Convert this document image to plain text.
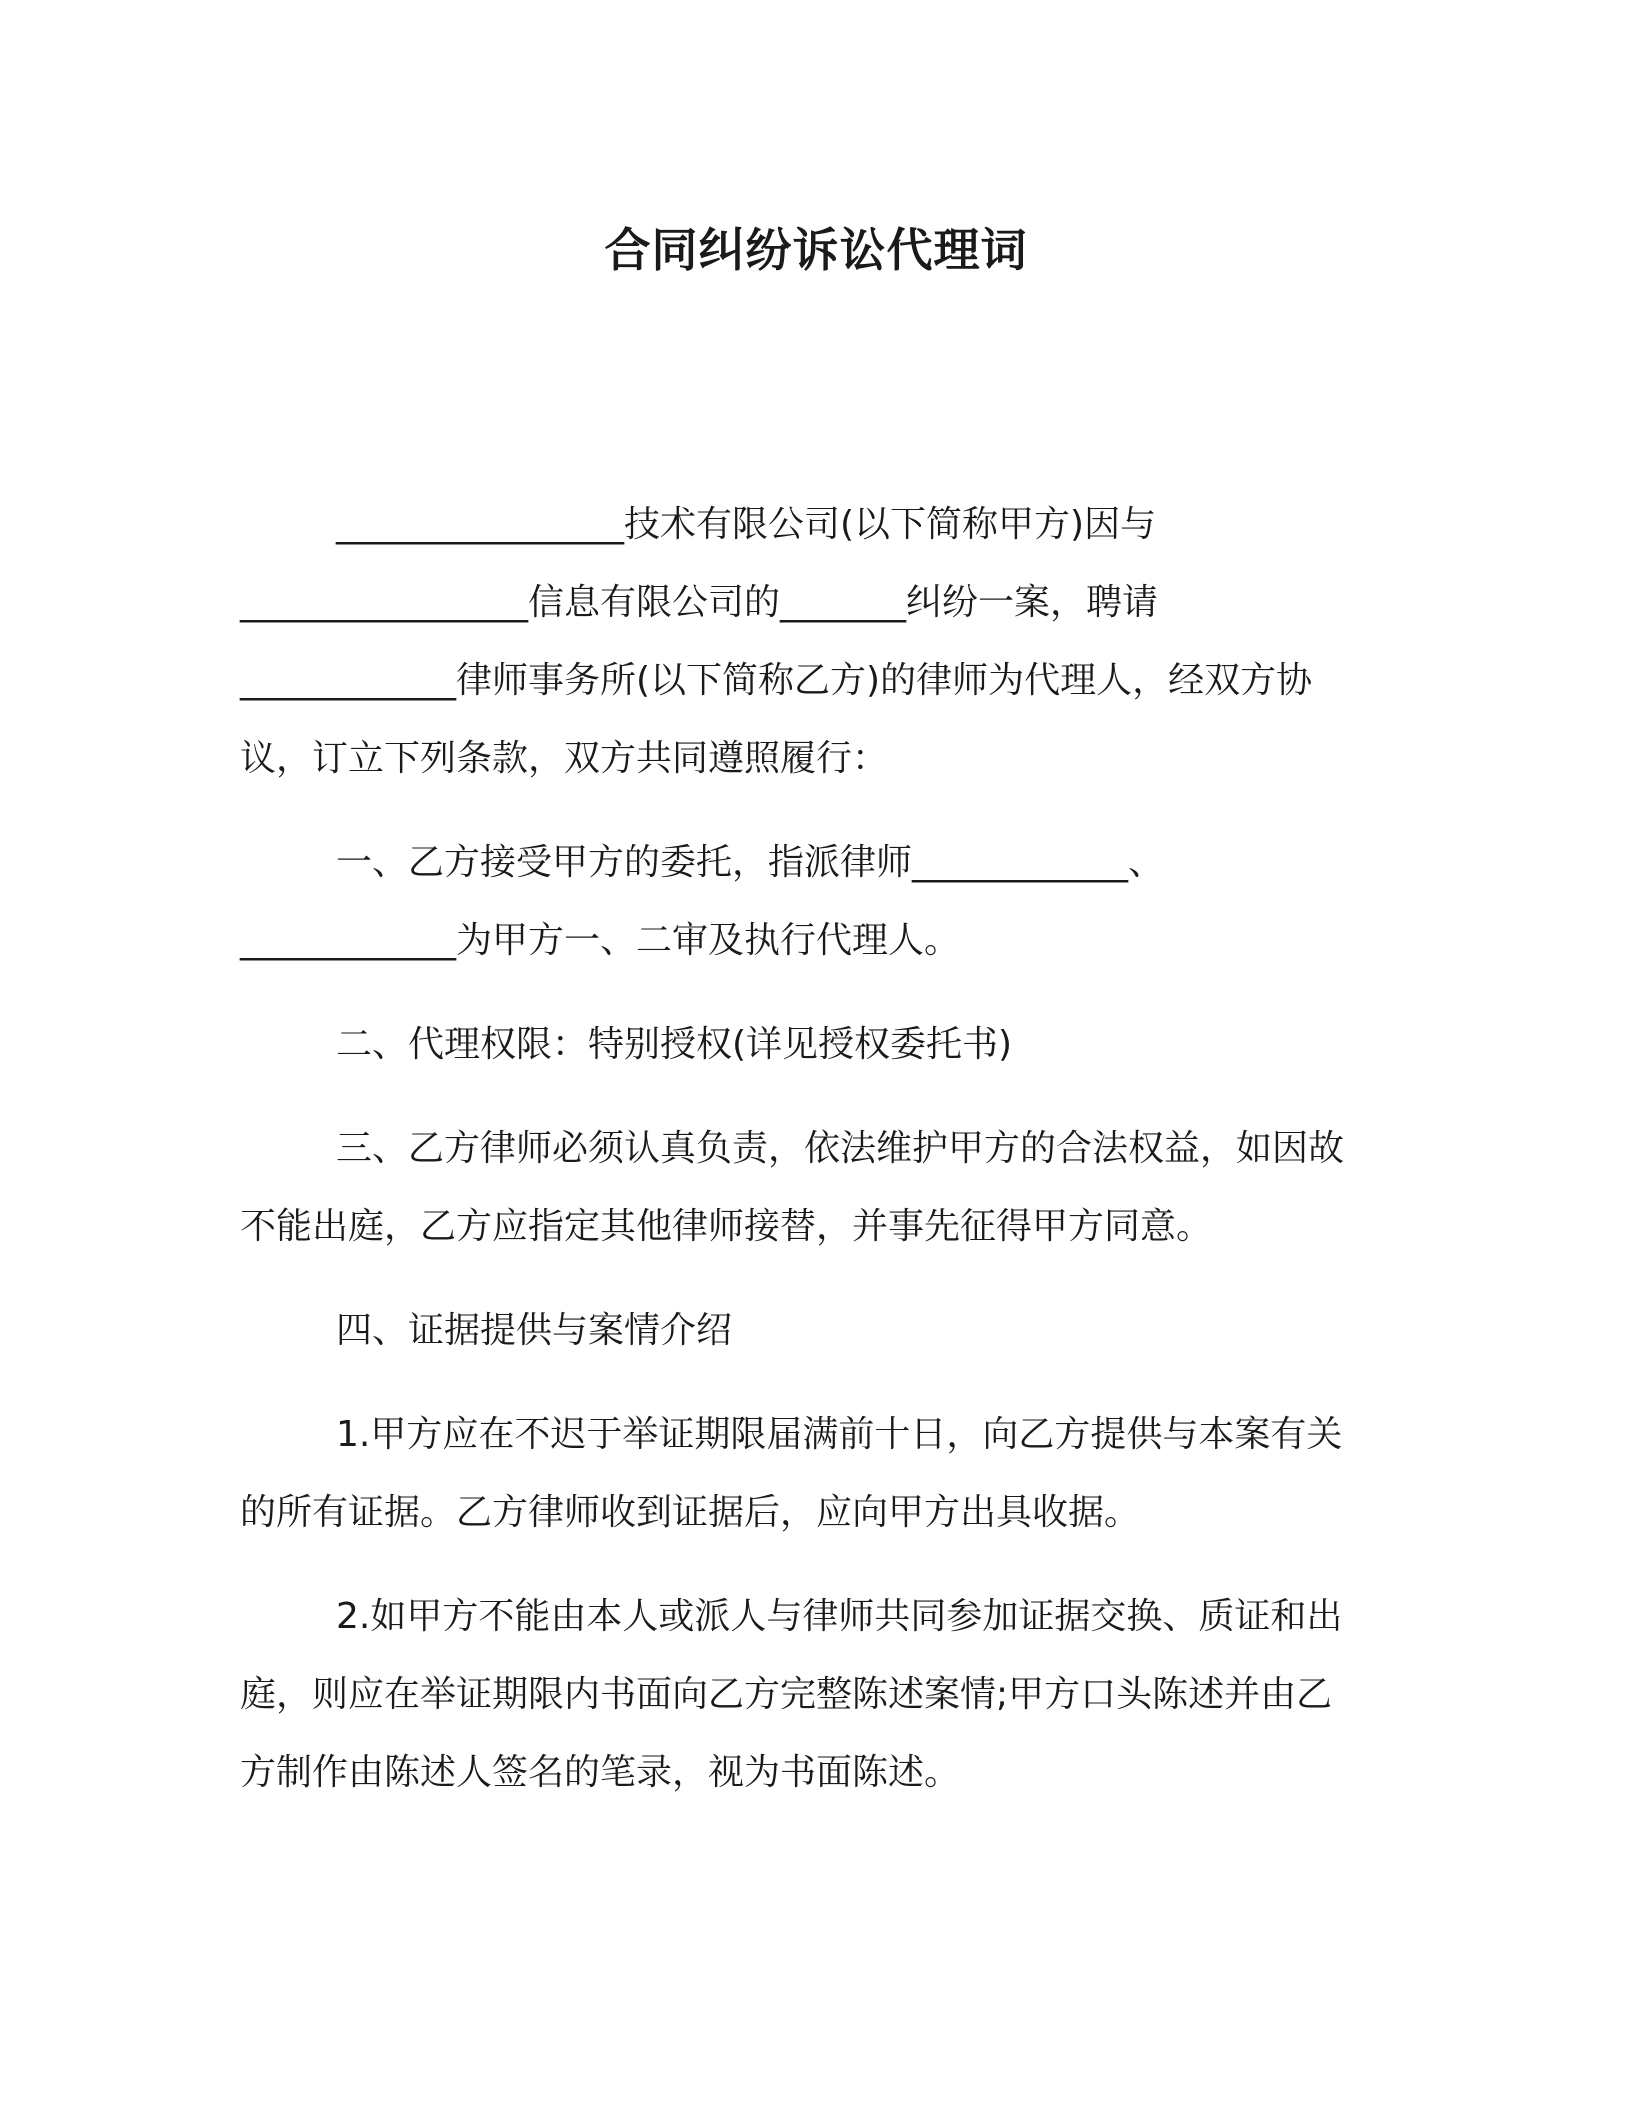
合同纠纷诉讼代理词
________________技术有限公司(以下简称甲方)因与
________________信息有限公司的_______纠纷一案，聘请
____________律师事务所(以下简称乙方)的律师为代理人，经双方协
议，订立下列条款，双方共同遵照履行：
一、乙方接受甲方的委托，指派律师____________、
____________为甲方一、二审及执行代理人。
二、代理权限：特别授权(详见授权委托书)
三、乙方律师必须认真负责，依法维护甲方的合法权益，如因故
不能出庭，乙方应指定其他律师接替，并事先征得甲方同意。
四、证据提供与案情介绍
1.甲方应在不迟于举证期限届满前十日，向乙方提供与本案有关
的所有证据。乙方律师收到证据后，应向甲方出具收据。
2.如甲方不能由本人或派人与律师共同参加证据交换、质证和出
庭，则应在举证期限内书面向乙方完整陈述案情;甲方口头陈述并由乙
方制作由陈述人签名的笔录，视为书面陈述。
